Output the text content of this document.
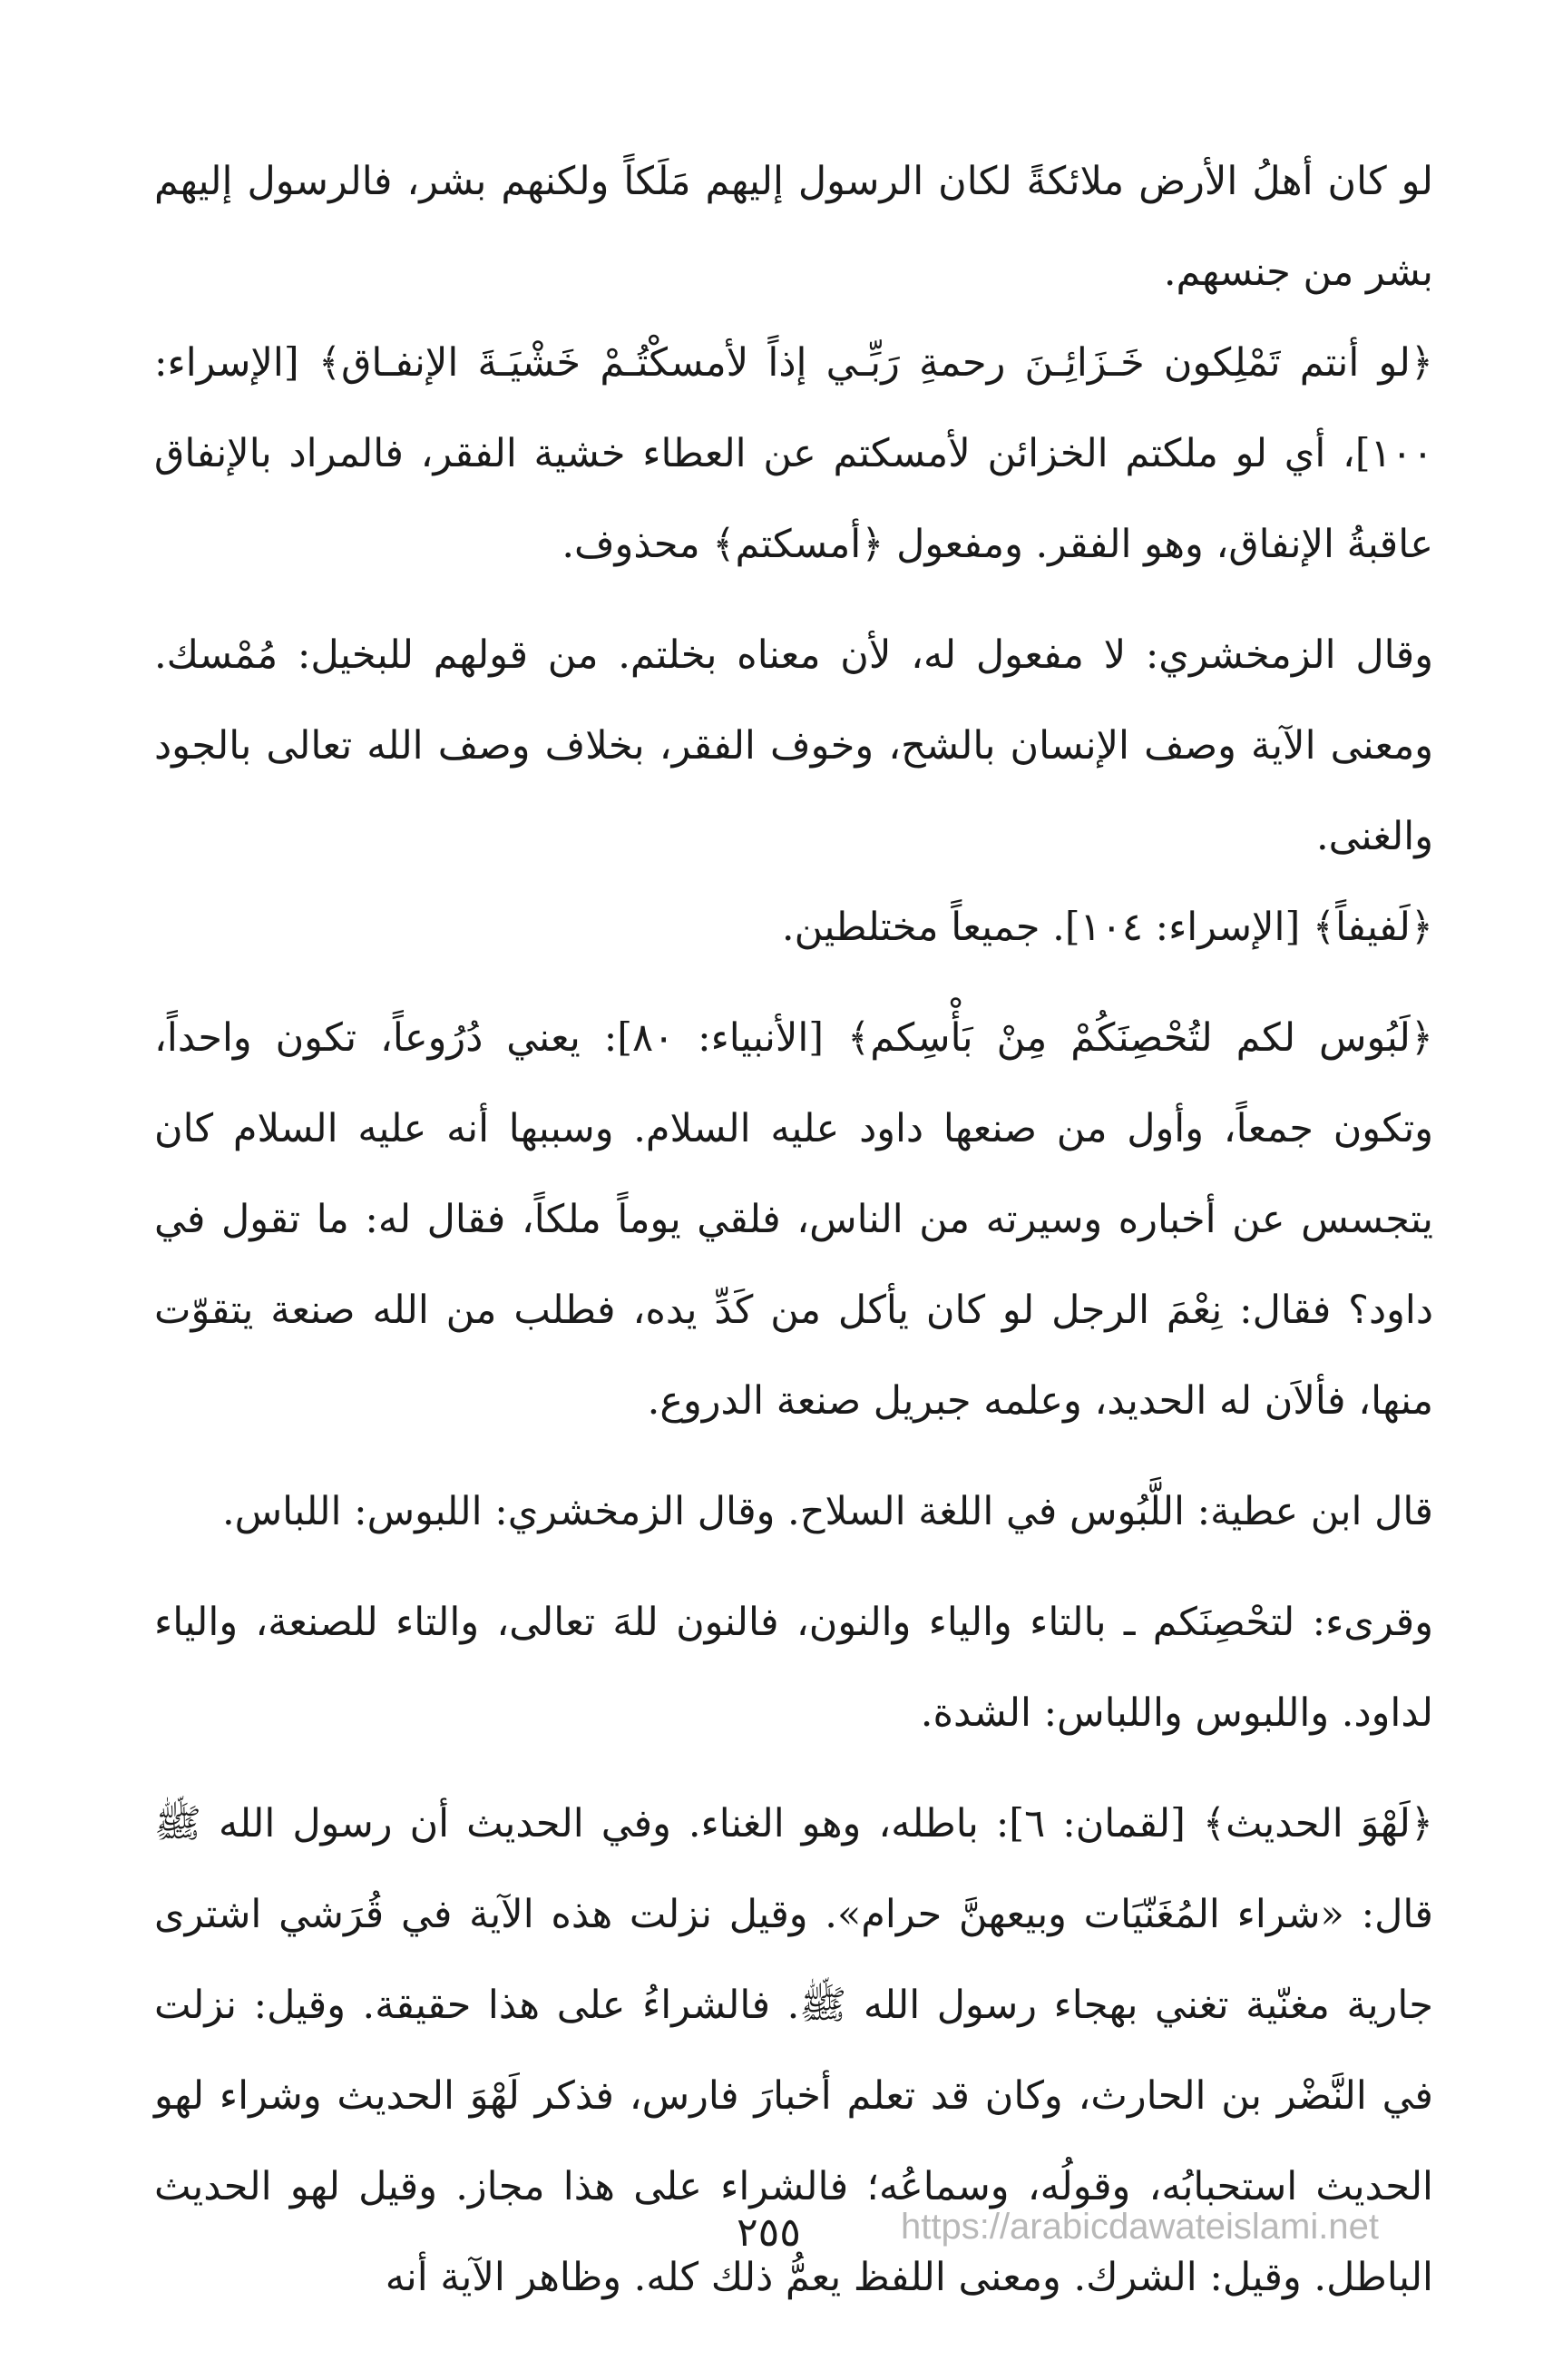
لو كان أهلُ الأرض ملائكةً لكان الرسول إليهم مَلَكاً ولكنهم بشر، فالرسول إليهم بشر من جنسهم.

﴿لو أنتم تَمْلِكون خَـزَائِـنَ رحمةِ رَبِّـي إذاً لأمسكْتُـمْ خَشْيَـةَ الإنفـاق﴾ [الإسراء: ١٠٠]، أي لو ملكتم الخزائن لأمسكتم عن العطاء خشية الفقر، فالمراد بالإنفاق عاقبةُ الإنفاق، وهو الفقر. ومفعول ﴿أمسكتم﴾ محذوف.

وقال الزمخشري: لا مفعول له، لأن معناه بخلتم. من قولهم للبخيل: مُمْسك. ومعنى الآية وصف الإنسان بالشح، وخوف الفقر، بخلاف وصف الله تعالى بالجود والغنى.

﴿لَفيفاً﴾ [الإسراء: ١٠٤]. جميعاً مختلطين.

﴿لَبُوس لكم لتُحْصِنَكُمْ مِنْ بَأْسِكم﴾ [الأنبياء: ٨٠]: يعني دُرُوعاً، تكون واحداً، وتكون جمعاً، وأول من صنعها داود عليه السلام. وسببها أنه عليه السلام كان يتجسس عن أخباره وسيرته من الناس، فلقي يوماً ملكاً، فقال له: ما تقول في داود؟ فقال: نِعْمَ الرجل لو كان يأكل من كَدِّ يده، فطلب من الله صنعة يتقوّت منها، فألاَن له الحديد، وعلمه جبريل صنعة الدروع.

قال ابن عطية: اللَّبُوس في اللغة السلاح. وقال الزمخشري: اللبوس: اللباس.

وقرىء: لتحْصِنَكم ـ بالتاء والياء والنون، فالنون للهَ تعالى، والتاء للصنعة، والياء لداود. واللبوس واللباس: الشدة.

﴿لَهْوَ الحديث﴾ [لقمان: ٦]: باطله، وهو الغناء. وفي الحديث أن رسول الله ﷺ قال: «شراء المُغَنّيَات وبيعهنَّ حرام». وقيل نزلت هذه الآية في قُرَشي اشترى جارية مغنّية تغني بهجاء رسول الله ﷺ. فالشراءُ على هذا حقيقة. وقيل: نزلت في النَّضْر بن الحارث، وكان قد تعلم أخبارَ فارس، فذكر لَهْوَ الحديث وشراء لهو الحديث استحبابُه، وقولُه، وسماعُه؛ فالشراء على هذا مجاز. وقيل لهو الحديث الباطل. وقيل: الشرك. ومعنى اللفظ يعمُّ ذلك كله. وظاهر الآية أنه

٢٥٥	https://arabicdawateislami.net
